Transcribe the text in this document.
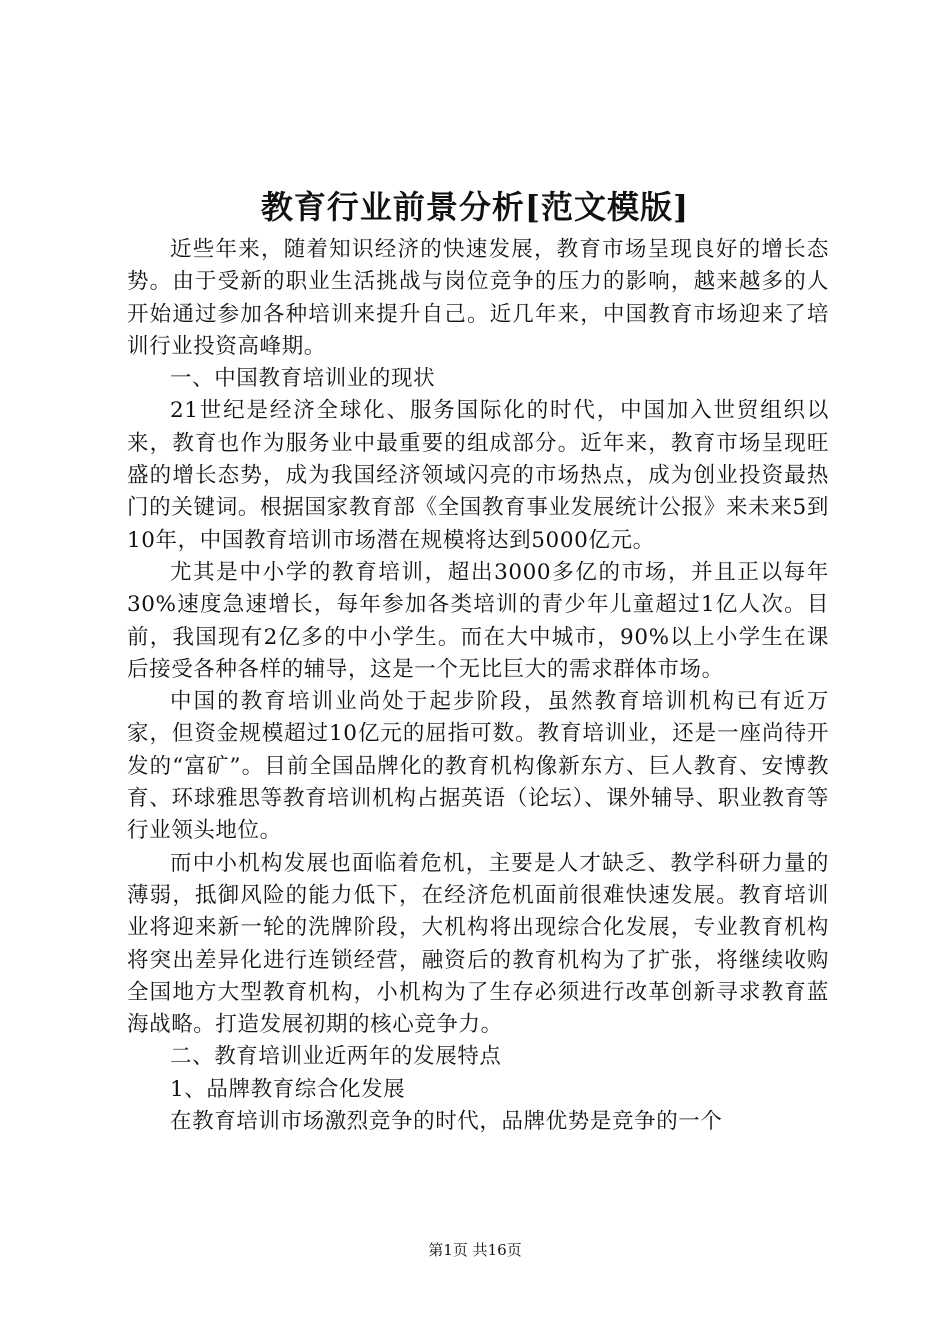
教育行业前景分析[范文模版]

近些年来，随着知识经济的快速发展，教育市场呈现良好的增长态势。由于受新的职业生活挑战与岗位竞争的压力的影响，越来越多的人开始通过参加各种培训来提升自己。近几年来，中国教育市场迎来了培训行业投资高峰期。

一、中国教育培训业的现状

21世纪是经济全球化、服务国际化的时代，中国加入世贸组织以来，教育也作为服务业中最重要的组成部分。近年来，教育市场呈现旺盛的增长态势，成为我国经济领域闪亮的市场热点，成为创业投资最热门的关键词。根据国家教育部《全国教育事业发展统计公报》来未来5到10年，中国教育培训市场潜在规模将达到5000亿元。

尤其是中小学的教育培训，超出3000多亿的市场，并且正以每年30%速度急速增长，每年参加各类培训的青少年儿童超过1亿人次。目前，我国现有2亿多的中小学生。而在大中城市，90%以上小学生在课后接受各种各样的辅导，这是一个无比巨大的需求群体市场。

中国的教育培训业尚处于起步阶段，虽然教育培训机构已有近万家，但资金规模超过10亿元的屈指可数。教育培训业，还是一座尚待开发的“富矿”。目前全国品牌化的教育机构像新东方、巨人教育、安博教育、环球雅思等教育培训机构占据英语（论坛）、课外辅导、职业教育等行业领头地位。

而中小机构发展也面临着危机，主要是人才缺乏、教学科研力量的薄弱，抵御风险的能力低下，在经济危机面前很难快速发展。教育培训业将迎来新一轮的洗牌阶段，大机构将出现综合化发展，专业教育机构将突出差异化进行连锁经营，融资后的教育机构为了扩张，将继续收购全国地方大型教育机构，小机构为了生存必须进行改革创新寻求教育蓝海战略。打造发展初期的核心竞争力。

二、教育培训业近两年的发展特点

1、品牌教育综合化发展

在教育培训市场激烈竞争的时代，品牌优势是竞争的一个

第1页 共16页
